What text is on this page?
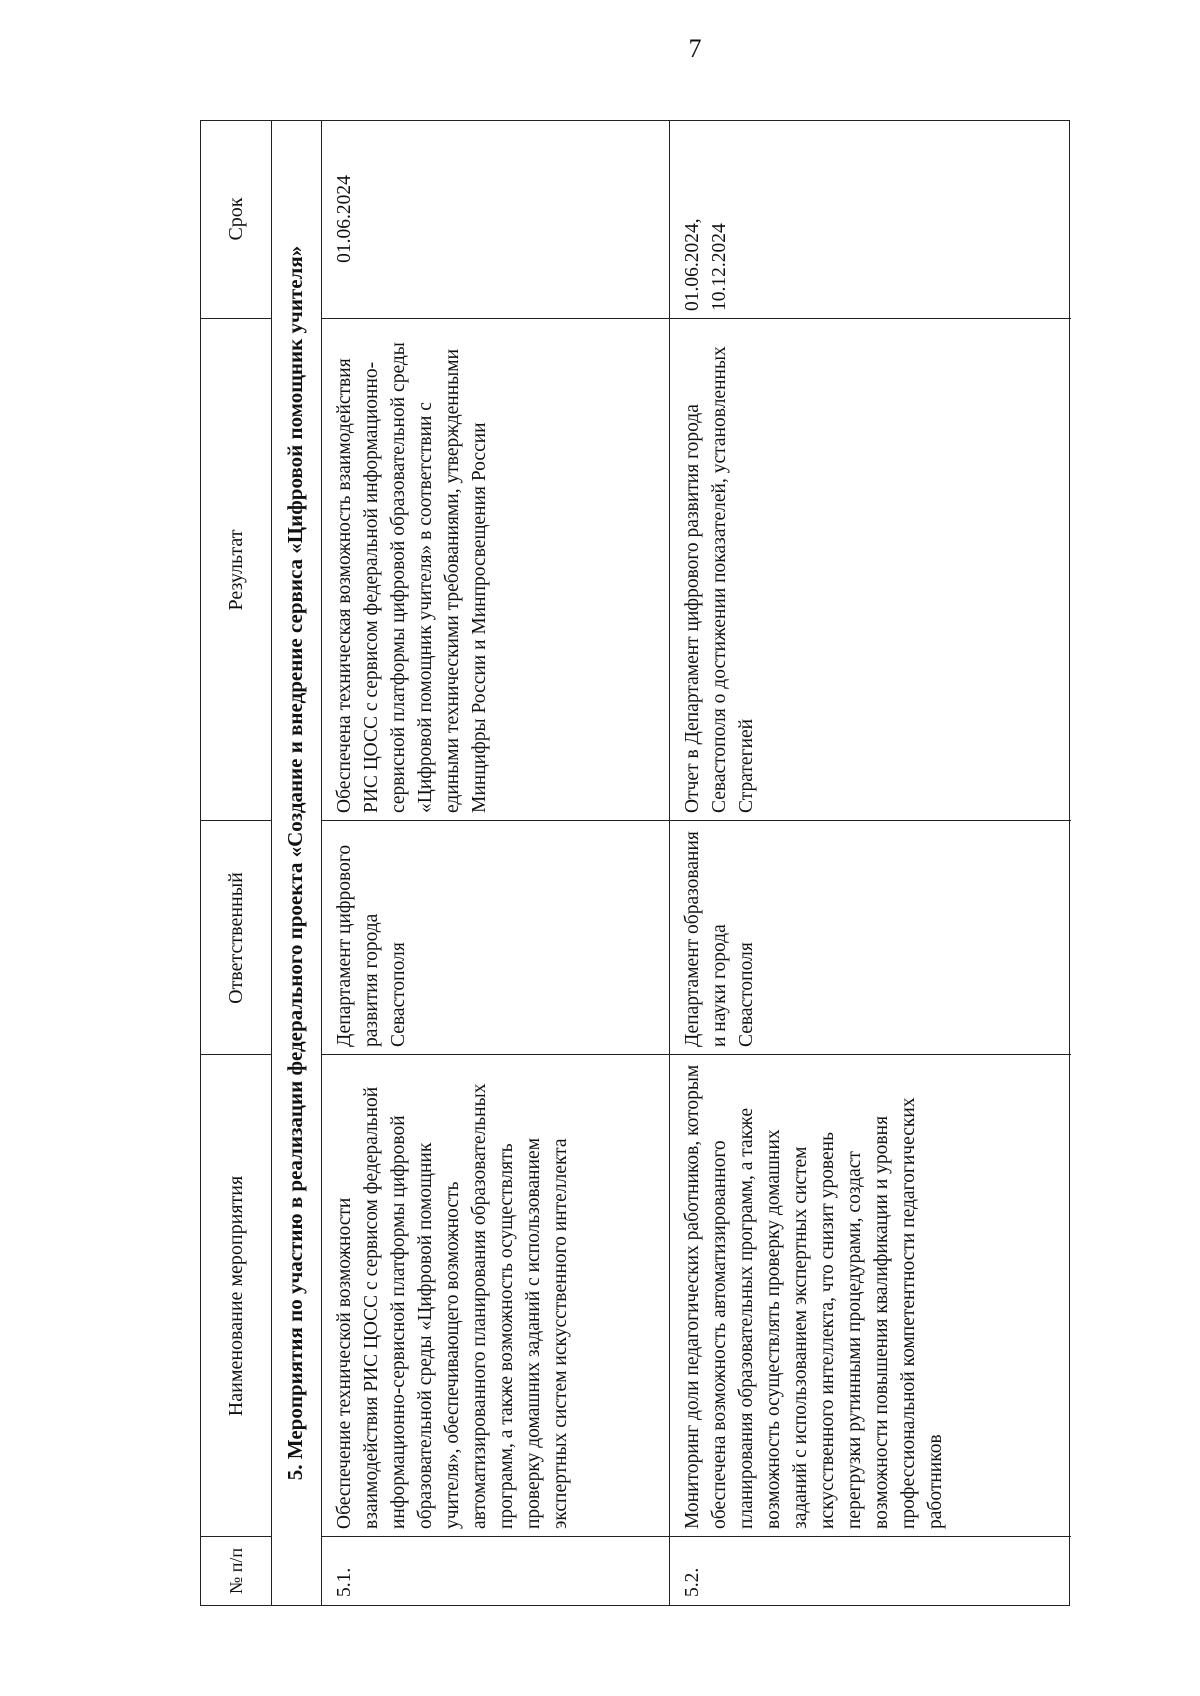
7
№ п/п
Наименование мероприятия
Ответственный
Результат
Срок
5. Мероприятия по участию в реализации федерального проекта «Создание и внедрение сервиса «Цифровой помощник учителя»
5.1.
Обеспечение технической возможности взаимодействия РИС ЦОСС с сервисом федеральной информационно-сервисной платформы цифровой образовательной среды «Цифровой помощник учителя», обеспечивающего возможность автоматизированного планирования образовательных программ, а также возможность осуществлять проверку домашних заданий с использованием экспертных систем искусственного интеллекта
Департамент цифрового развития города Севастополя
Обеспечена техническая возможность взаимодействия РИС ЦОСС с сервисом федеральной информационно-сервисной платформы цифровой образовательной среды «Цифровой помощник учителя» в соответствии с едиными техническими требованиями, утвержденными Минцифры России и Минпросвещения России
01.06.2024
5.2.
Мониторинг доли педагогических работников, которым обеспечена возможность автоматизированного планирования образовательных программ, а также возможность осуществлять проверку домашних заданий с использованием экспертных систем искусственного интеллекта, что снизит уровень перегрузки рутинными процедурами, создаст возможности повышения квалификации и уровня профессиональной компетентности педагогических работников
Департамент образования и науки города Севастополя
Отчет в Департамент цифрового развития города Севастополя о достижении показателей, установленных Стратегией
01.06.2024, 10.12.2024
